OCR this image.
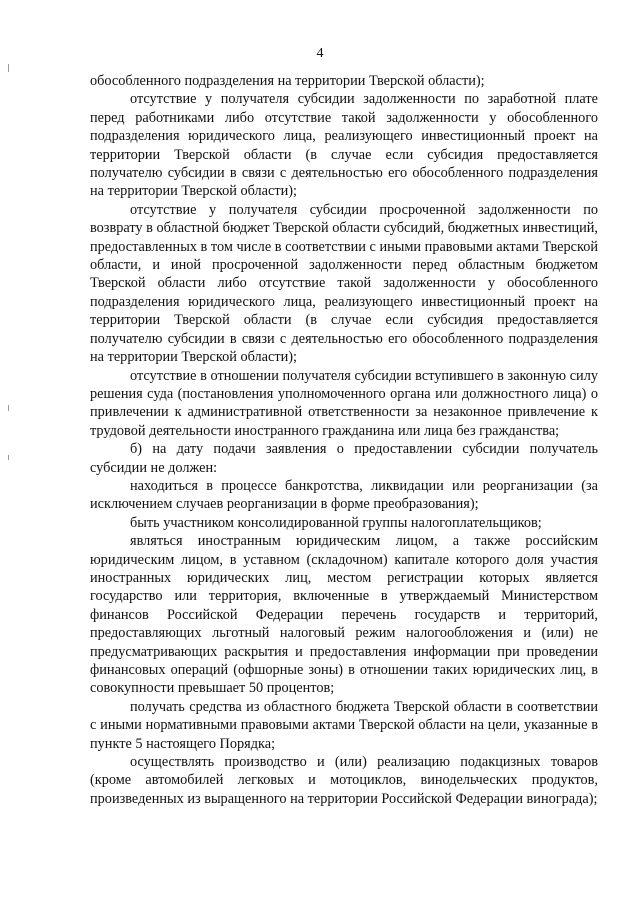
4

обособленного подразделения на территории Тверской области);

отсутствие у получателя субсидии задолженности по заработной плате перед работниками либо отсутствие такой задолженности у обособленного подразделения юридического лица, реализующего инвестиционный проект на территории Тверской области (в случае если субсидия предоставляется получателю субсидии в связи с деятельностью его обособленного подразделения на территории Тверской области);

отсутствие у получателя субсидии просроченной задолженности по возврату в областной бюджет Тверской области субсидий, бюджетных инвестиций, предоставленных в том числе в соответствии с иными правовыми актами Тверской области, и иной просроченной задолженности перед областным бюджетом Тверской области либо отсутствие такой задолженности у обособленного подразделения юридического лица, реализующего инвестиционный проект на территории Тверской области (в случае если субсидия предоставляется получателю субсидии в связи с деятельностью его обособленного подразделения на территории Тверской области);

отсутствие в отношении получателя субсидии вступившего в законную силу решения суда (постановления уполномоченного органа или должностного лица) о привлечении к административной ответственности за незаконное привлечение к трудовой деятельности иностранного гражданина или лица без гражданства;

б) на дату подачи заявления о предоставлении субсидии получатель субсидии не должен:

находиться в процессе банкротства, ликвидации или реорганизации (за исключением случаев реорганизации в форме преобразования);

быть участником консолидированной группы налогоплательщиков;

являться иностранным юридическим лицом, а также российским юридическим лицом, в уставном (складочном) капитале которого доля участия иностранных юридических лиц, местом регистрации которых является государство или территория, включенные в утверждаемый Министерством финансов Российской Федерации перечень государств и территорий, предоставляющих льготный налоговый режим налогообложения и (или) не предусматривающих раскрытия и предоставления информации при проведении финансовых операций (офшорные зоны) в отношении таких юридических лиц, в совокупности превышает 50 процентов;

получать средства из областного бюджета Тверской области в соответствии с иными нормативными правовыми актами Тверской области на цели, указанные в пункте 5 настоящего Порядка;

осуществлять производство и (или) реализацию подакцизных товаров (кроме автомобилей легковых и мотоциклов, винодельческих продуктов, произведенных из выращенного на территории Российской Федерации винограда);
